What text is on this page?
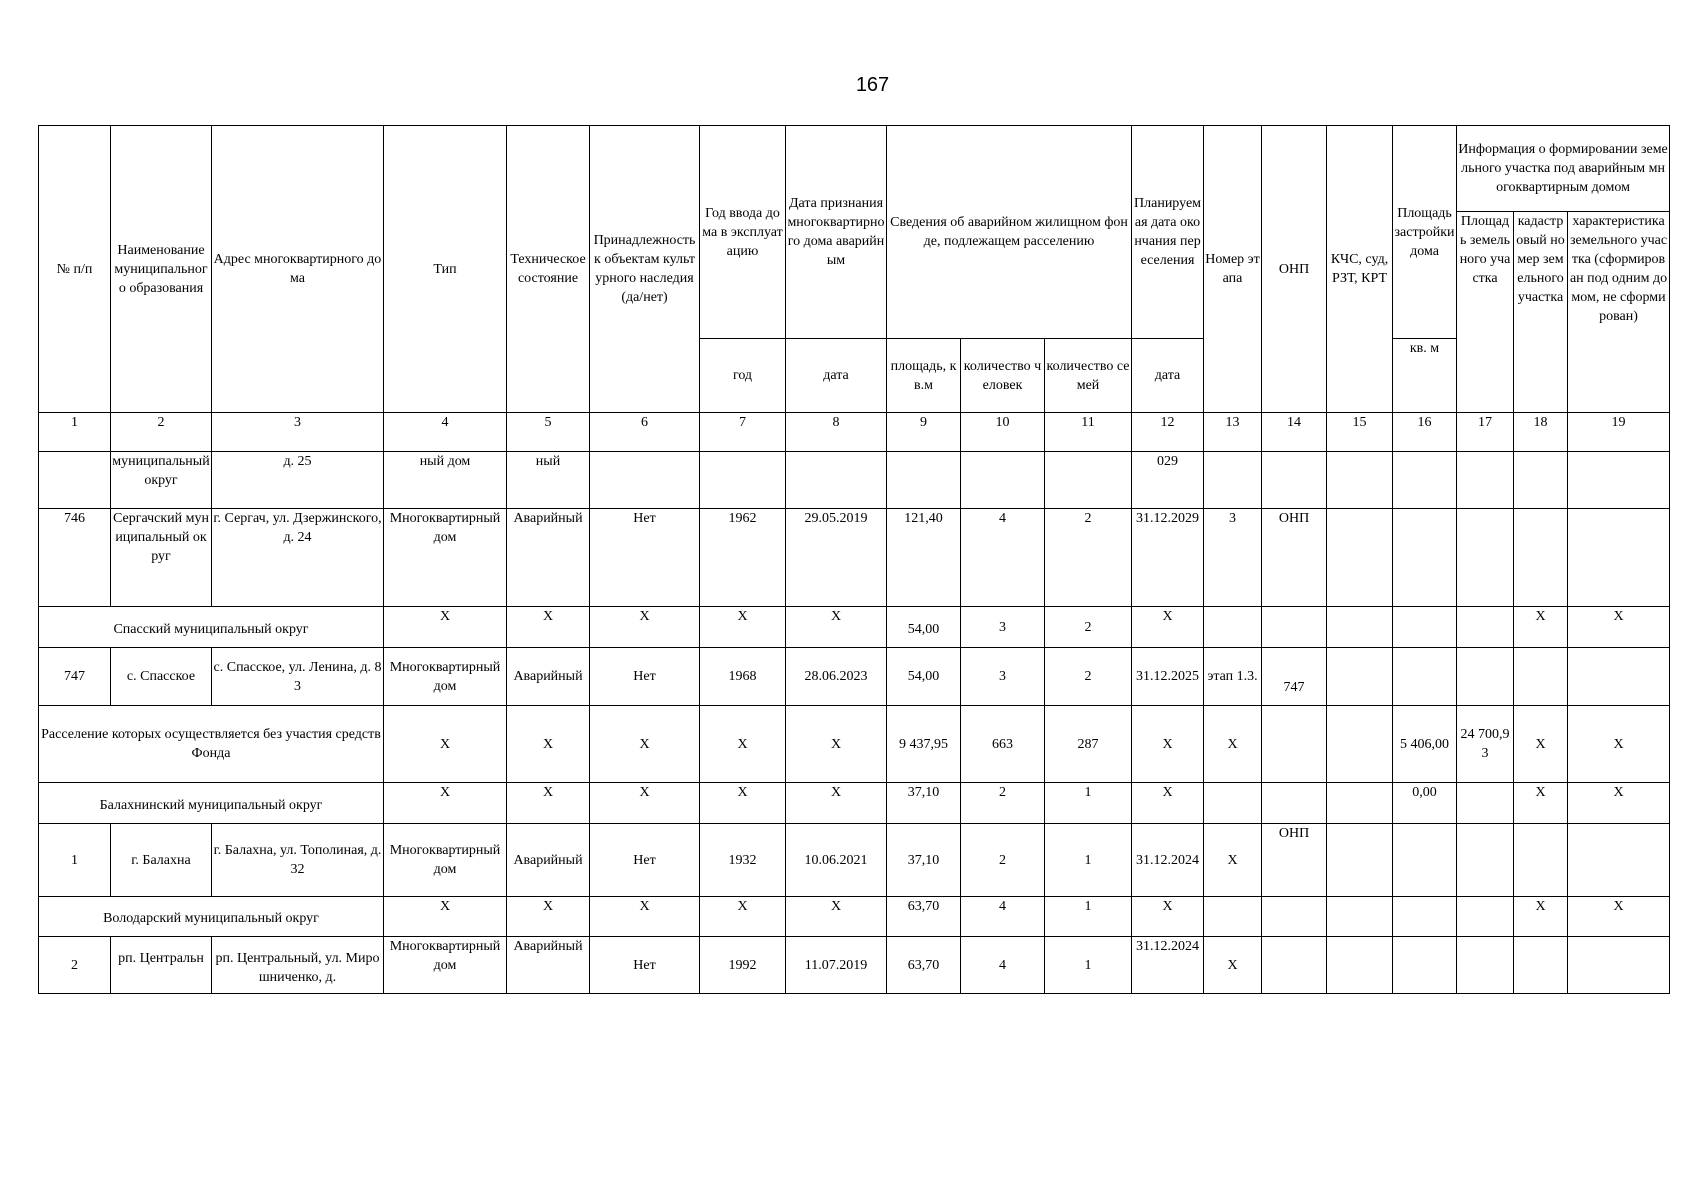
167
№ п/п	Наименование муниципального образования	Адрес многоквартирного дома	Тип	Техническое состояние	Принадлежность к объектам культурного наследия (да/нет)	Год ввода дома в эксплуатацию	Дата признания многоквартирного дома аварийным	Сведения об аварийном жилищном фонде, подлежащем расселению			Планируемая дата окончания переселения	Номер этапа	ОНП	КЧС, суд, РЗТ, КРТ	Площадь застройки дома	Информация о формировании земельного участка под аварийным многоквартирным домом		
																Площадь земельного участка	кадастровый номер земельного участка	характеристика земельного участка (сформирован под одним домом, не сформирован)
						год	дата	площадь, кв.м	количество человек	количество семей	дата				кв. м			
1	2	3	4	5	6	7	8	9	10	11	12	13	14	15	16	17	18	19
	муниципальный округ	д. 25	ный дом	ный							029							
746	Сергачский муниципальный округ	г. Сергач, ул. Дзержинского, д. 24	Многоквартирный дом	Аварийный	Нет	1962	29.05.2019	121,40	4	2	31.12.2029	3	ОНП					
Спасский муниципальный округ			X	X	X	X	X	54,00	3	2	X						X	X
747	с. Спасское	с. Спасское, ул. Ленина, д. 83	Многоквартирный дом	Аварийный	Нет	1968	28.06.2023	54,00	3	2	31.12.2025	этап 1.3.	747					
Расселение которых осуществляется без участия средств Фонда			X	X	X	X	X	9 437,95	663	287	X	X			5 406,00	24 700,93	X	X
Балахнинский муниципальный округ			X	X	X	X	X	37,10	2	1	X				0,00		X	X
1	г. Балахна	г. Балахна, ул. Тополиная, д. 32	Многоквартирный дом	Аварийный	Нет	1932	10.06.2021	37,10	2	1	31.12.2024	X	ОНП					
Володарский муниципальный округ			X	X	X	X	X	63,70	4	1	X						X	X
2	рп. Центральн	рп. Центральный, ул. Мирошниченко, д.	Многоквартирный дом	Аварийный	Нет	1992	11.07.2019	63,70	4	1	31.12.2024	X						
